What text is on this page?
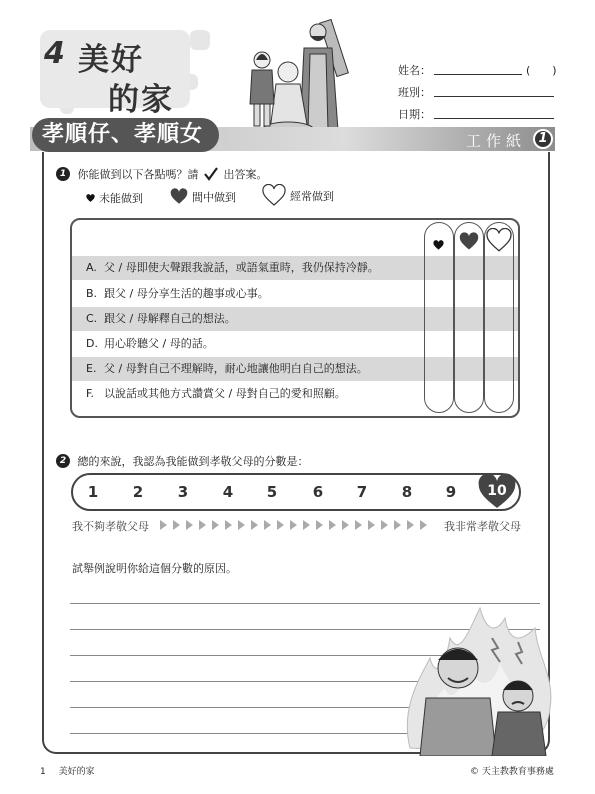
4 美好
的家
姓名：	(　　)
班別：
日期：
孝順仔、孝順女	工作紙 1
1 你能做到以下各點嗎？請 出答案。
未能做到	間中做到	經常做到
A. 父 / 母即使大聲跟我說話，或語氣重時，我仍保持冷靜。
B. 跟父 / 母分享生活的趣事或心事。
C. 跟父 / 母解釋自己的想法。
D. 用心聆聽父 / 母的話。
E. 父 / 母對自己不理解時，耐心地讓他明白自己的想法。
F. 以說話或其他方式讚賞父 / 母對自己的愛和照顧。
2 總的來說，我認為我能做到孝敬父母的分數是：
1	2	3	4	5	6	7	8	9	10
我不夠孝敬父母	我非常孝敬父母
試舉例說明你給這個分數的原因。
1 美好的家	© 天主教教育事務處
